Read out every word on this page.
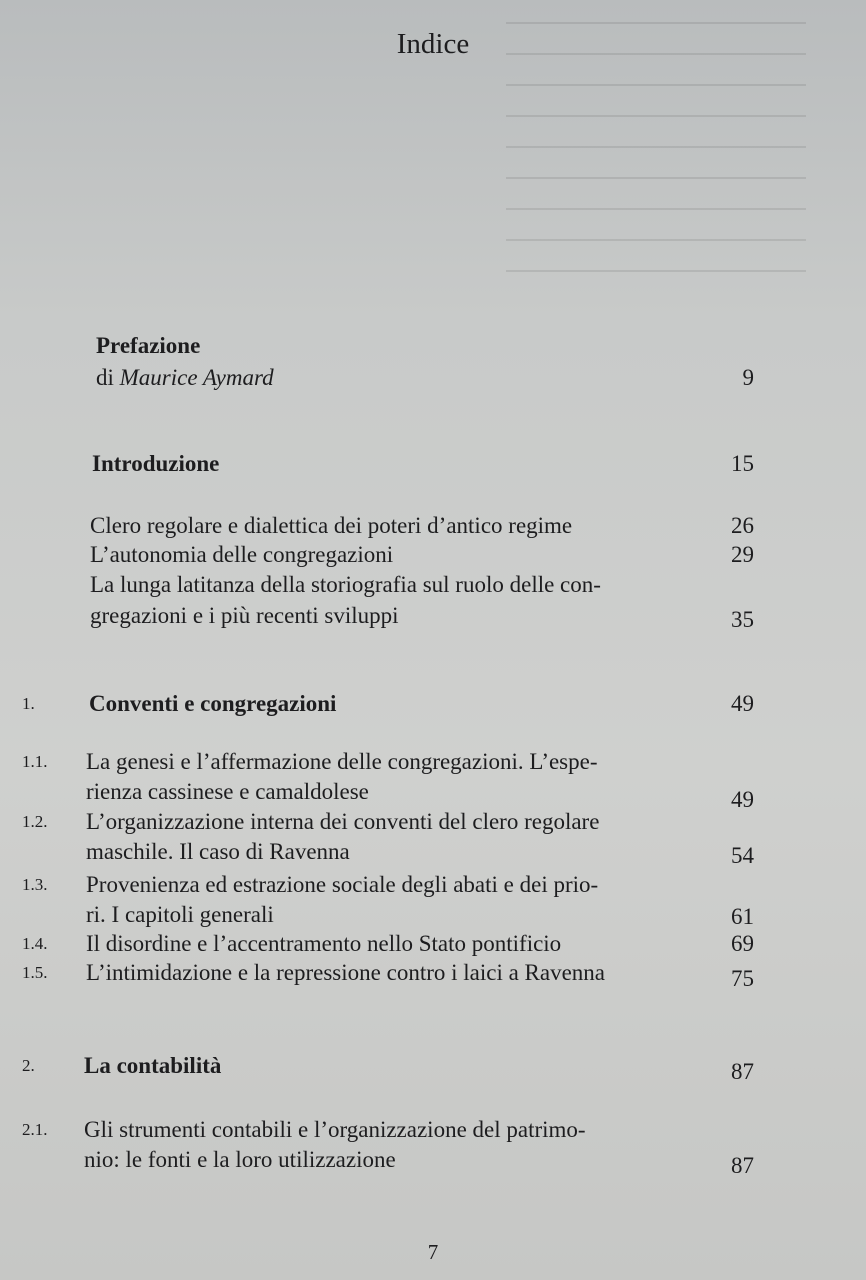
Indice
Prefazione
di Maurice Aymard	9
Introduzione	15
Clero regolare e dialettica dei poteri d’antico regime	26
L’autonomia delle congregazioni	29
La lunga latitanza della storiografia sul ruolo delle con-
gregazioni e i più recenti sviluppi	35
1. Conventi e congregazioni	49
1.1. La genesi e l’affermazione delle congregazioni. L’espe-
rienza cassinese e camaldolese	49
1.2. L’organizzazione interna dei conventi del clero regolare
maschile. Il caso di Ravenna	54
1.3. Provenienza ed estrazione sociale degli abati e dei prio-
ri. I capitoli generali	61
1.4. Il disordine e l’accentramento nello Stato pontificio	69
1.5. L’intimidazione e la repressione contro i laici a Ravenna	75
2. La contabilità	87
2.1. Gli strumenti contabili e l’organizzazione del patrimo-
nio: le fonti e la loro utilizzazione	87
7
